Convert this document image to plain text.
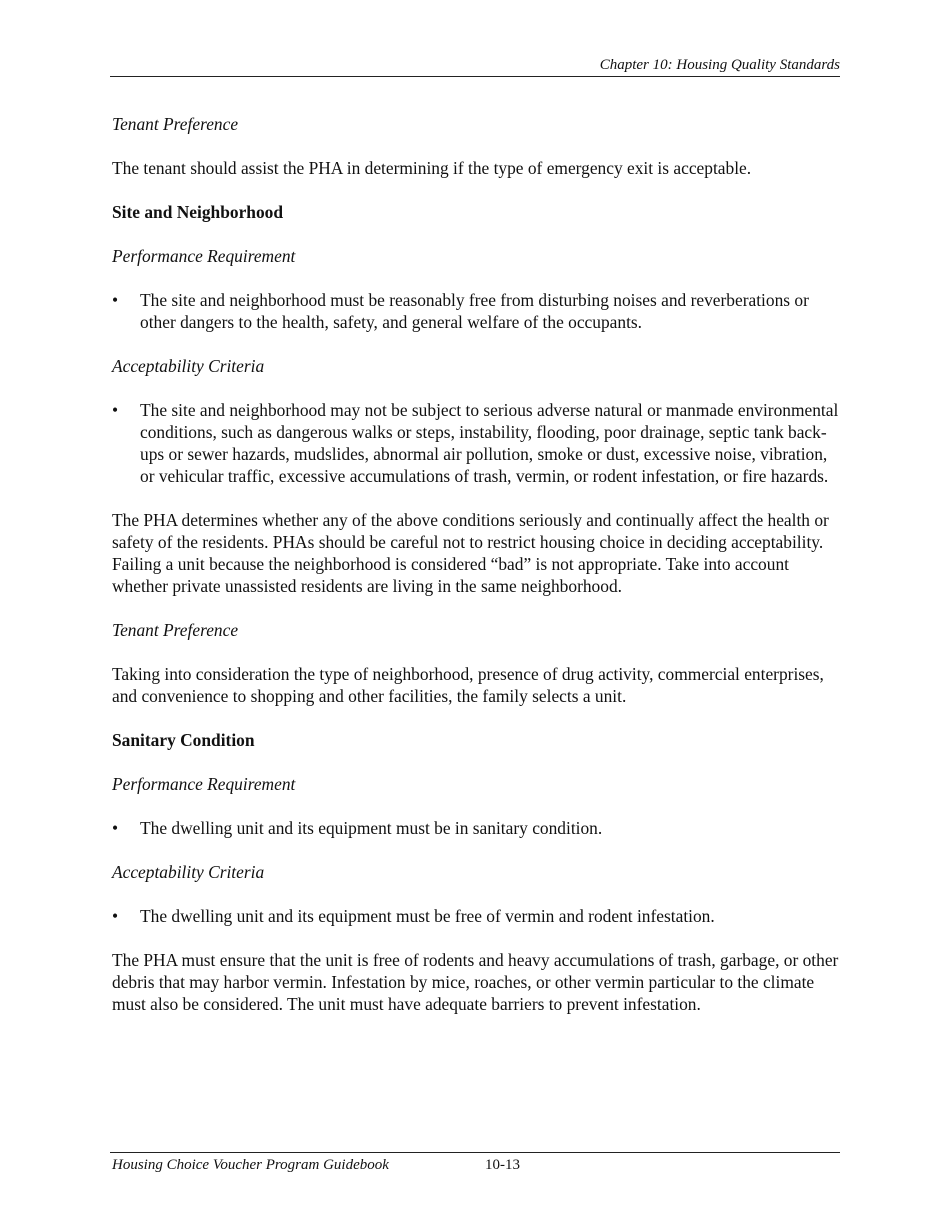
Chapter 10: Housing Quality Standards

Tenant Preference

The tenant should assist the PHA in determining if the type of emergency exit is acceptable.

Site and Neighborhood

Performance Requirement

•	The site and neighborhood must be reasonably free from disturbing noises and reverberations or other dangers to the health, safety, and general welfare of the occupants.

Acceptability Criteria

•	The site and neighborhood may not be subject to serious adverse natural or manmade environmental conditions, such as dangerous walks or steps, instability, flooding, poor drainage, septic tank back-ups or sewer hazards, mudslides, abnormal air pollution, smoke or dust, excessive noise, vibration, or vehicular traffic, excessive accumulations of trash, vermin, or rodent infestation, or fire hazards.

The PHA determines whether any of the above conditions seriously and continually affect the health or safety of the residents. PHAs should be careful not to restrict housing choice in deciding acceptability. Failing a unit because the neighborhood is considered “bad” is not appropriate. Take into account whether private unassisted residents are living in the same neighborhood.

Tenant Preference

Taking into consideration the type of neighborhood, presence of drug activity, commercial enterprises, and convenience to shopping and other facilities, the family selects a unit.

Sanitary Condition

Performance Requirement

•	The dwelling unit and its equipment must be in sanitary condition.

Acceptability Criteria

•	The dwelling unit and its equipment must be free of vermin and rodent infestation.

The PHA must ensure that the unit is free of rodents and heavy accumulations of trash, garbage, or other debris that may harbor vermin. Infestation by mice, roaches, or other vermin particular to the climate must also be considered. The unit must have adequate barriers to prevent infestation.

Housing Choice Voucher Program Guidebook	10-13
